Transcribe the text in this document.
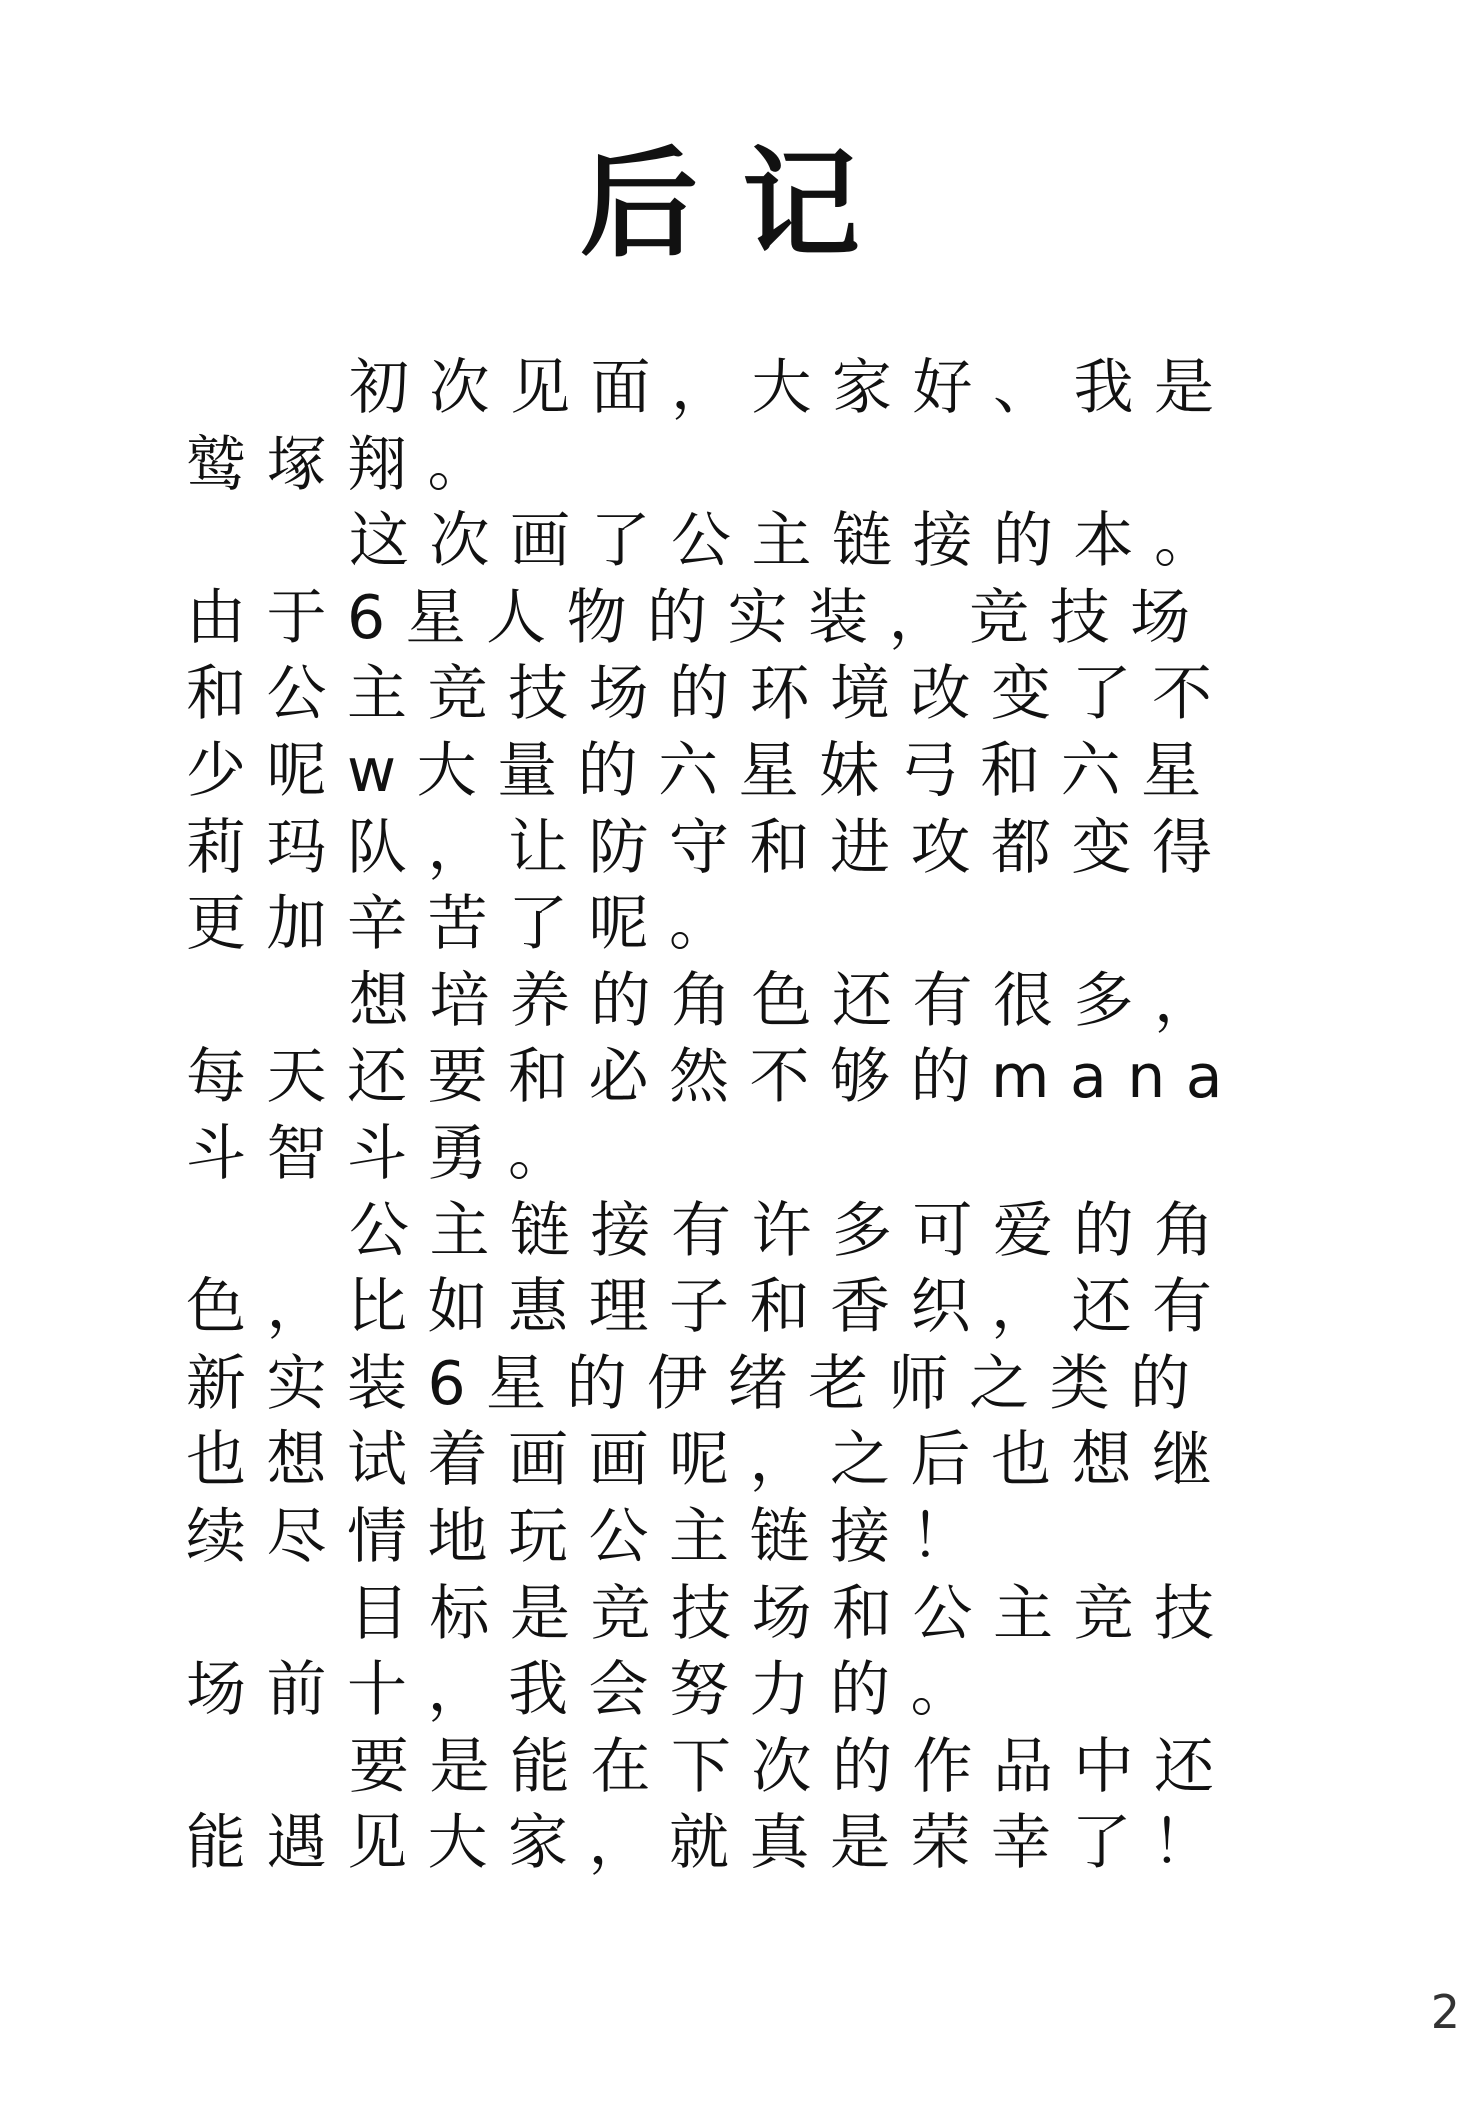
后记
初次见面，大家好、我是
鹫塚翔。
这次画了公主链接的本。
由于6星人物的实装，竞技场
和公主竞技场的环境改变了不
少呢w大量的六星妹弓和六星
莉玛队，让防守和进攻都变得
更加辛苦了呢。
想培养的角色还有很多，
每天还要和必然不够的mana
斗智斗勇。
公主链接有许多可爱的角
色，比如惠理子和香织，还有
新实装6星的伊绪老师之类的
也想试着画画呢，之后也想继
续尽情地玩公主链接！
目标是竞技场和公主竞技
场前十，我会努力的。
要是能在下次的作品中还
能遇见大家，就真是荣幸了！
2
